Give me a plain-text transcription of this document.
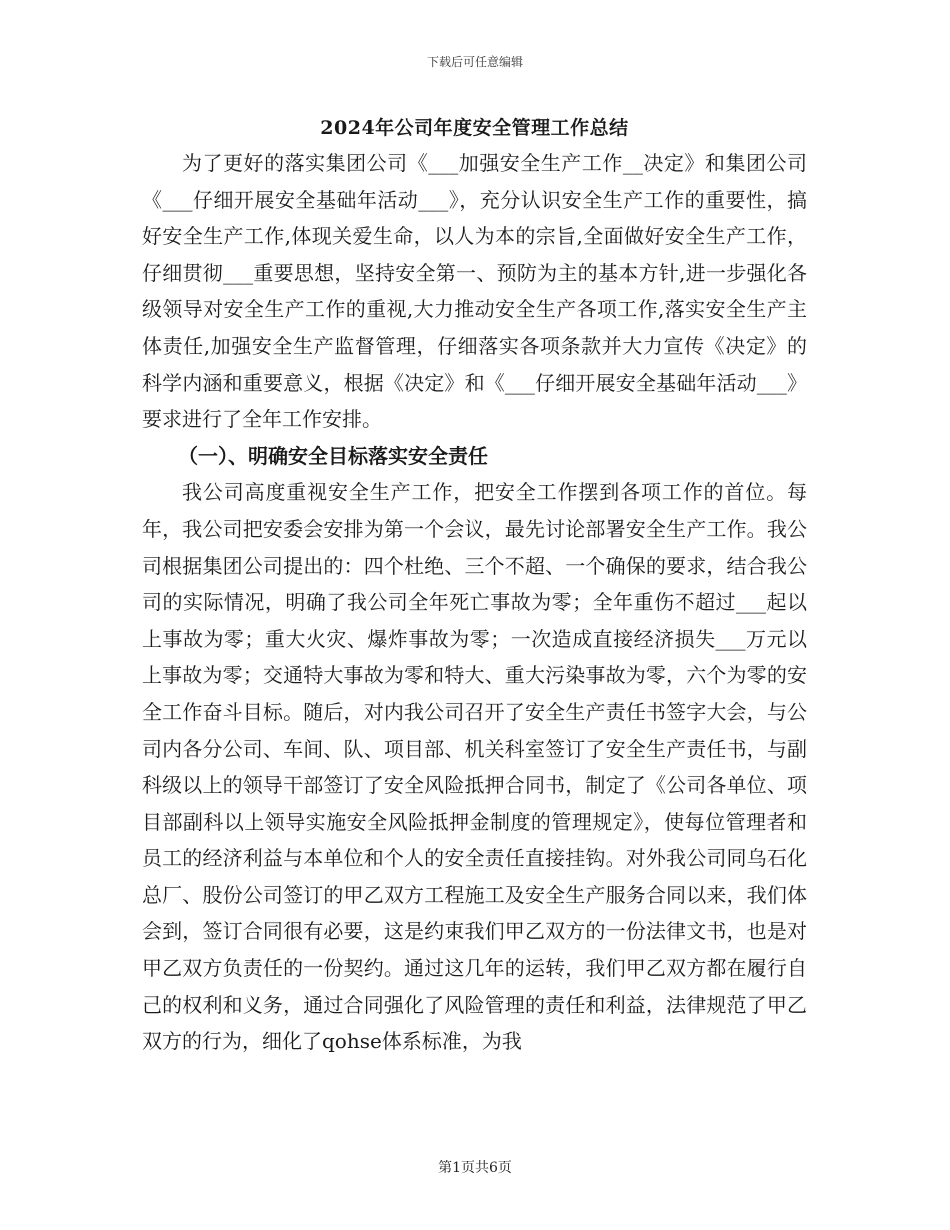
下载后可任意编辑
2024年公司年度安全管理工作总结

为了更好的落实集团公司《___加强安全生产工作__决定》和集团公司《___仔细开展安全基础年活动___》，充分认识安全生产工作的重要性，搞好安全生产工作,体现关爱生命，以人为本的宗旨,全面做好安全生产工作，仔细贯彻___重要思想，坚持安全第一、预防为主的基本方针,进一步强化各级领导对安全生产工作的重视,大力推动安全生产各项工作,落实安全生产主体责任,加强安全生产监督管理，仔细落实各项条款并大力宣传《决定》的科学内涵和重要意义，根据《决定》和《___仔细开展安全基础年活动___》要求进行了全年工作安排。

（一）、明确安全目标落实安全责任

我公司高度重视安全生产工作，把安全工作摆到各项工作的首位。每年，我公司把安委会安排为第一个会议，最先讨论部署安全生产工作。我公司根据集团公司提出的：四个杜绝、三个不超、一个确保的要求，结合我公司的实际情况，明确了我公司全年死亡事故为零；全年重伤不超过___起以上事故为零；重大火灾、爆炸事故为零；一次造成直接经济损失___万元以上事故为零；交通特大事故为零和特大、重大污染事故为零，六个为零的安全工作奋斗目标。随后，对内我公司召开了安全生产责任书签字大会，与公司内各分公司、车间、队、项目部、机关科室签订了安全生产责任书，与副科级以上的领导干部签订了安全风险抵押合同书，制定了《公司各单位、项目部副科以上领导实施安全风险抵押金制度的管理规定》，使每位管理者和员工的经济利益与本单位和个人的安全责任直接挂钩。对外我公司同乌石化总厂、股份公司签订的甲乙双方工程施工及安全生产服务合同以来，我们体会到，签订合同很有必要，这是约束我们甲乙双方的一份法律文书，也是对甲乙双方负责任的一份契约。通过这几年的运转，我们甲乙双方都在履行自己的权利和义务，通过合同强化了风险管理的责任和利益，法律规范了甲乙双方的行为，细化了qohse体系标准，为我

第1页共6页
